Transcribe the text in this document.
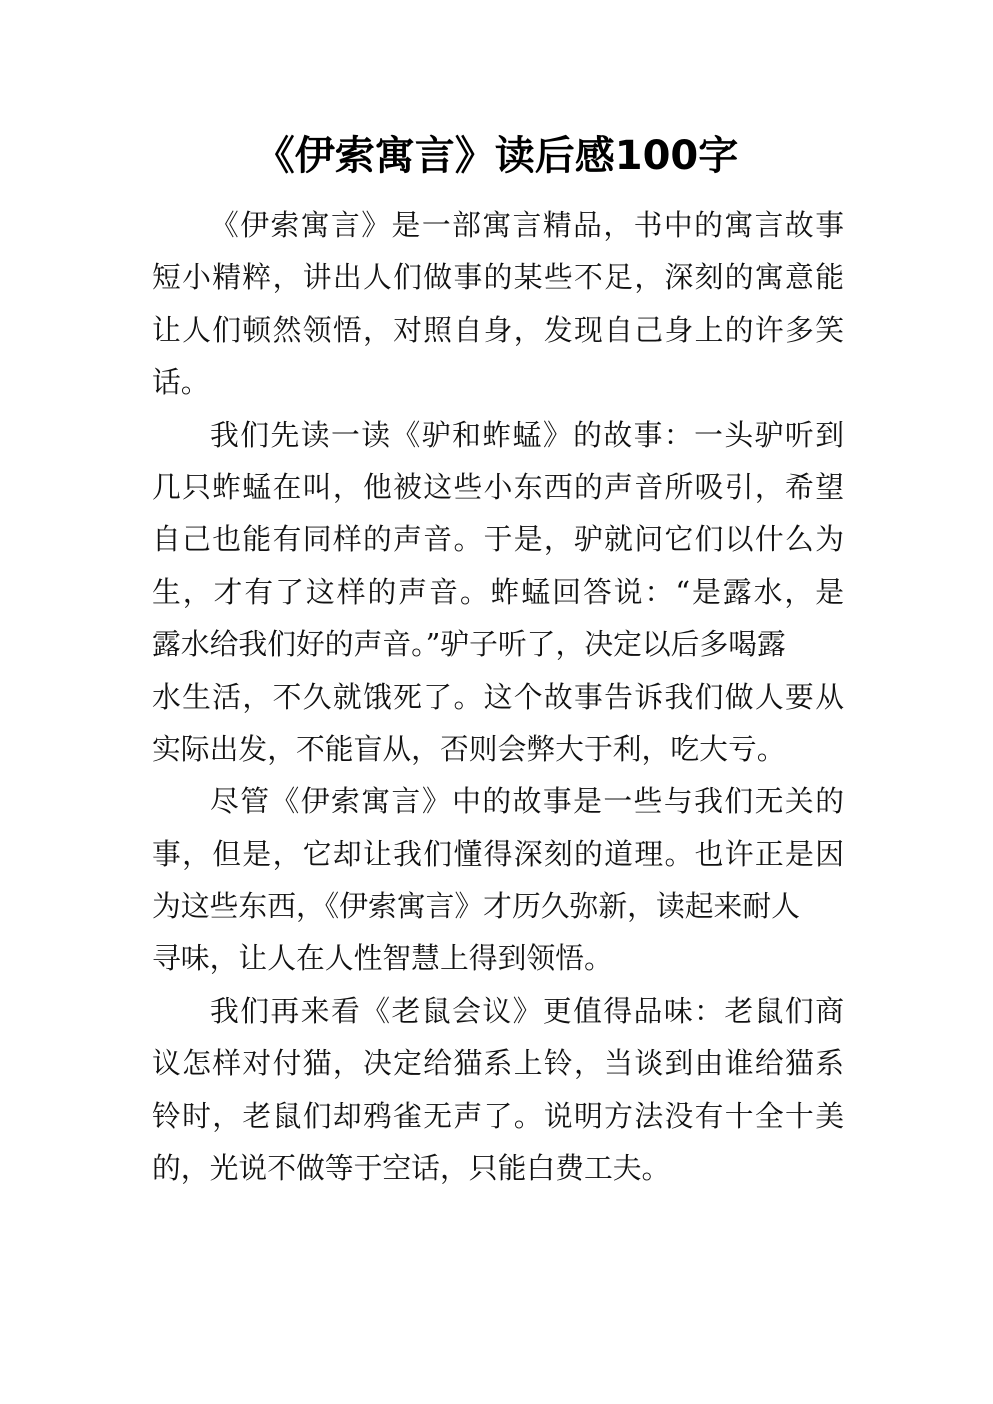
《伊索寓言》读后感100字
《伊索寓言》是一部寓言精品，书中的寓言故事
短小精粹，讲出人们做事的某些不足，深刻的寓意能
让人们顿然领悟，对照自身，发现自己身上的许多笑
话。
我们先读一读《驴和蚱蜢》的故事：一头驴听到
几只蚱蜢在叫，他被这些小东西的声音所吸引，希望
自己也能有同样的声音。于是，驴就问它们以什么为
生，才有了这样的声音。蚱蜢回答说：“是露水，是
露水给我们好的声音。”驴子听了，决定以后多喝露
水生活，不久就饿死了。这个故事告诉我们做人要从
实际出发，不能盲从，否则会弊大于利，吃大亏。
尽管《伊索寓言》中的故事是一些与我们无关的
事，但是，它却让我们懂得深刻的道理。也许正是因
为这些东西，《伊索寓言》才历久弥新，读起来耐人
寻味，让人在人性智慧上得到领悟。
我们再来看《老鼠会议》更值得品味：老鼠们商
议怎样对付猫，决定给猫系上铃，当谈到由谁给猫系
铃时，老鼠们却鸦雀无声了。说明方法没有十全十美
的，光说不做等于空话，只能白费工夫。
